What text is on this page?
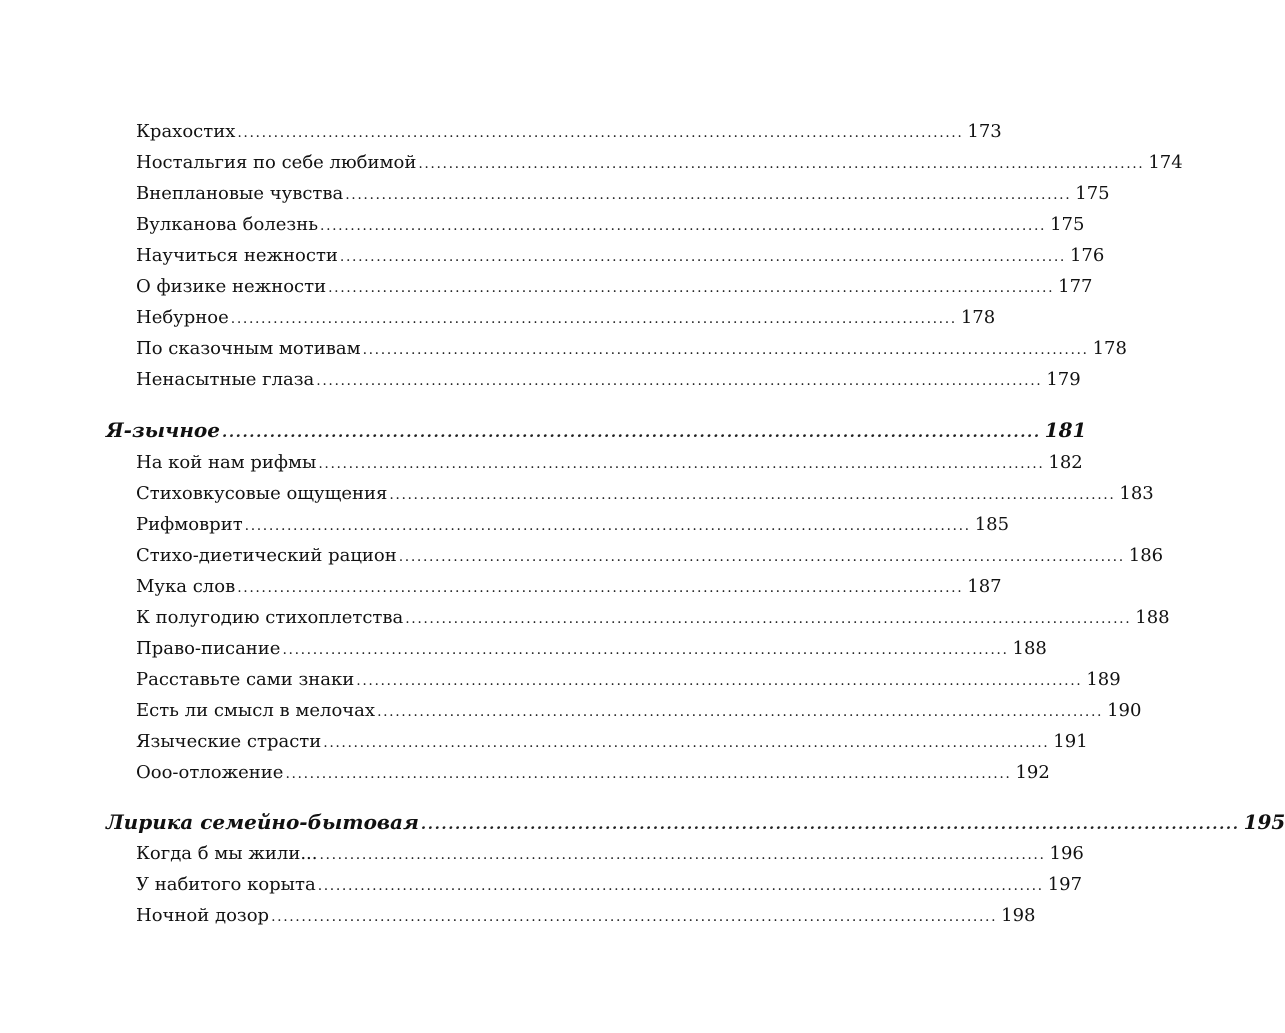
Крахостих ........................................................................................................................ 173
Ностальгия по себе любимой ........................................................................................................................ 174
Внеплановые чувства ........................................................................................................................ 175
Вулканова болезнь ........................................................................................................................ 175
Научиться нежности ........................................................................................................................ 176
О физике нежности ........................................................................................................................ 177
Небурное ........................................................................................................................ 178
По сказочным мотивам ........................................................................................................................ 178
Ненасытные глаза ........................................................................................................................ 179
Я-зычное ........................................................................................................................ 181
На кой нам рифмы ........................................................................................................................ 182
Стиховкусовые ощущения ........................................................................................................................ 183
Рифмоврит ........................................................................................................................ 185
Стихо-диетический рацион ........................................................................................................................ 186
Мука слов ........................................................................................................................ 187
К полугодию стихоплетства ........................................................................................................................ 188
Право-писание ........................................................................................................................ 188
Расставьте сами знаки ........................................................................................................................ 189
Есть ли смысл в мелочах ........................................................................................................................ 190
Языческие страсти ........................................................................................................................ 191
Ооо-отложение ........................................................................................................................ 192
Лирика семейно-бытовая ........................................................................................................................ 195
Когда б мы жили... ........................................................................................................................ 196
У набитого корыта ........................................................................................................................ 197
Ночной дозор ........................................................................................................................ 198
